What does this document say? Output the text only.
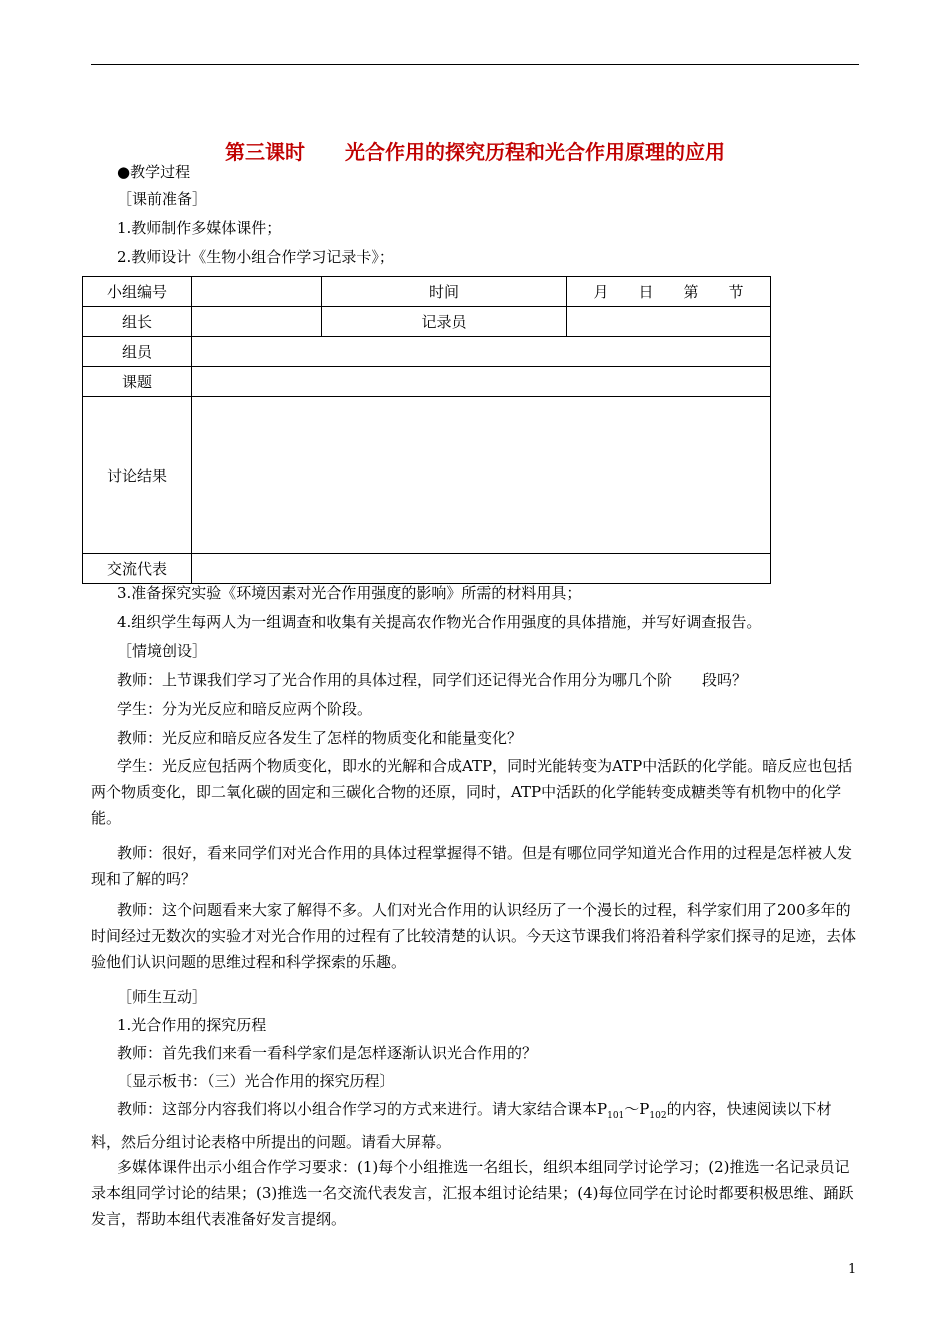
第三课时　　光合作用的探究历程和光合作用原理的应用
●教学过程
［课前准备］
1.教师制作多媒体课件；
2.教师设计《生物小组合作学习记录卡》；
小组编号		时间	月　　日　　第　　节
组长		记录员	
组员			
课题			
讨论结果			
交流代表			
3.准备探究实验《环境因素对光合作用强度的影响》所需的材料用具；
4.组织学生每两人为一组调查和收集有关提高农作物光合作用强度的具体措施，并写好调查报告。
［情境创设］
教师：上节课我们学习了光合作用的具体过程，同学们还记得光合作用分为哪几个阶　　段吗？
学生：分为光反应和暗反应两个阶段。
教师：光反应和暗反应各发生了怎样的物质变化和能量变化？
学生：光反应包括两个物质变化，即水的光解和合成ATP，同时光能转变为ATP中活跃的化学能。暗反应也包括两个物质变化，即二氧化碳的固定和三碳化合物的还原，同时，ATP中活跃的化学能转变成糖类等有机物中的化学能。
教师：很好，看来同学们对光合作用的具体过程掌握得不错。但是有哪位同学知道光合作用的过程是怎样被人发现和了解的吗？
教师：这个问题看来大家了解得不多。人们对光合作用的认识经历了一个漫长的过程，科学家们用了200多年的时间经过无数次的实验才对光合作用的过程有了比较清楚的认识。今天这节课我们将沿着科学家们探寻的足迹，去体验他们认识问题的思维过程和科学探索的乐趣。
［师生互动］
1.光合作用的探究历程
教师：首先我们来看一看科学家们是怎样逐渐认识光合作用的？
〔显示板书：（三）光合作用的探究历程〕
教师：这部分内容我们将以小组合作学习的方式来进行。请大家结合课本$P_{101}\sim P_{102}$的内容，快速阅读以下材料，然后分组讨论表格中所提出的问题。请看大屏幕。
多媒体课件出示小组合作学习要求：(1)每个小组推选一名组长，组织本组同学讨论学习；(2)推选一名记录员记录本组同学讨论的结果；(3)推选一名交流代表发言，汇报本组讨论结果；(4)每位同学在讨论时都要积极思维、踊跃发言，帮助本组代表准备好发言提纲。
1
